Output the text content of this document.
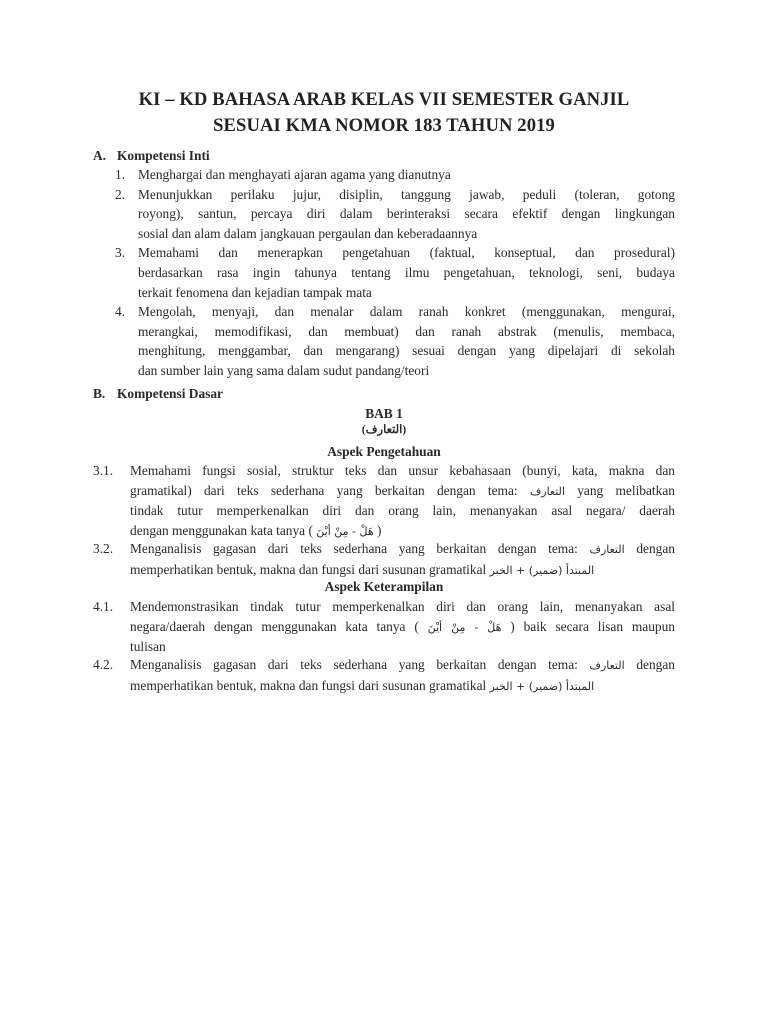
KI – KD BAHASA ARAB KELAS VII SEMESTER GANJIL
SESUAI KMA NOMOR 183 TAHUN 2019
A. Kompetensi Inti
1. Menghargai dan menghayati ajaran agama yang dianutnya
2. Menunjukkan perilaku jujur, disiplin, tanggung jawab, peduli (toleran, gotong
royong), santun, percaya diri dalam berinteraksi secara efektif dengan lingkungan
sosial dan alam dalam jangkauan pergaulan dan keberadaannya
3. Memahami dan menerapkan pengetahuan (faktual, konseptual, dan prosedural)
berdasarkan rasa ingin tahunya tentang ilmu pengetahuan, teknologi, seni, budaya
terkait fenomena dan kejadian tampak mata
4. Mengolah, menyaji, dan menalar dalam ranah konkret (menggunakan, mengurai,
merangkai, memodifikasi, dan membuat) dan ranah abstrak (menulis, membaca,
menghitung, menggambar, dan mengarang) sesuai dengan yang dipelajari di sekolah
dan sumber lain yang sama dalam sudut pandang/teori
B. Kompetensi Dasar
BAB 1
(التعارف)
Aspek Pengetahuan
3.1. Memahami fungsi sosial, struktur teks dan unsur kebahasaan (bunyi, kata, makna dan
gramatikal) dari teks sederhana yang berkaitan dengan tema: التعارف yang melibatkan
tindak tutur memperkenalkan diri dan orang lain, menanyakan asal negara/ daerah
dengan menggunakan kata tanya ( هَلْ - مِنْ أيْنَ )
3.2. Menganalisis gagasan dari teks sederhana yang berkaitan dengan tema: التعارف dengan
memperhatikan bentuk, makna dan fungsi dari susunan gramatikal المبتدأ (ضمير) + الخبر
Aspek Keterampilan
4.1. Mendemonstrasikan tindak tutur memperkenalkan diri dan orang lain, menanyakan asal
negara/daerah dengan menggunakan kata tanya ( هَلْ - مِنْ أيْنَ ) baik secara lisan maupun
tulisan
4.2. Menganalisis gagasan dari teks sederhana yang berkaitan dengan tema: التعارف dengan
memperhatikan bentuk, makna dan fungsi dari susunan gramatikal المبتدأ (ضمير) + الخبر
